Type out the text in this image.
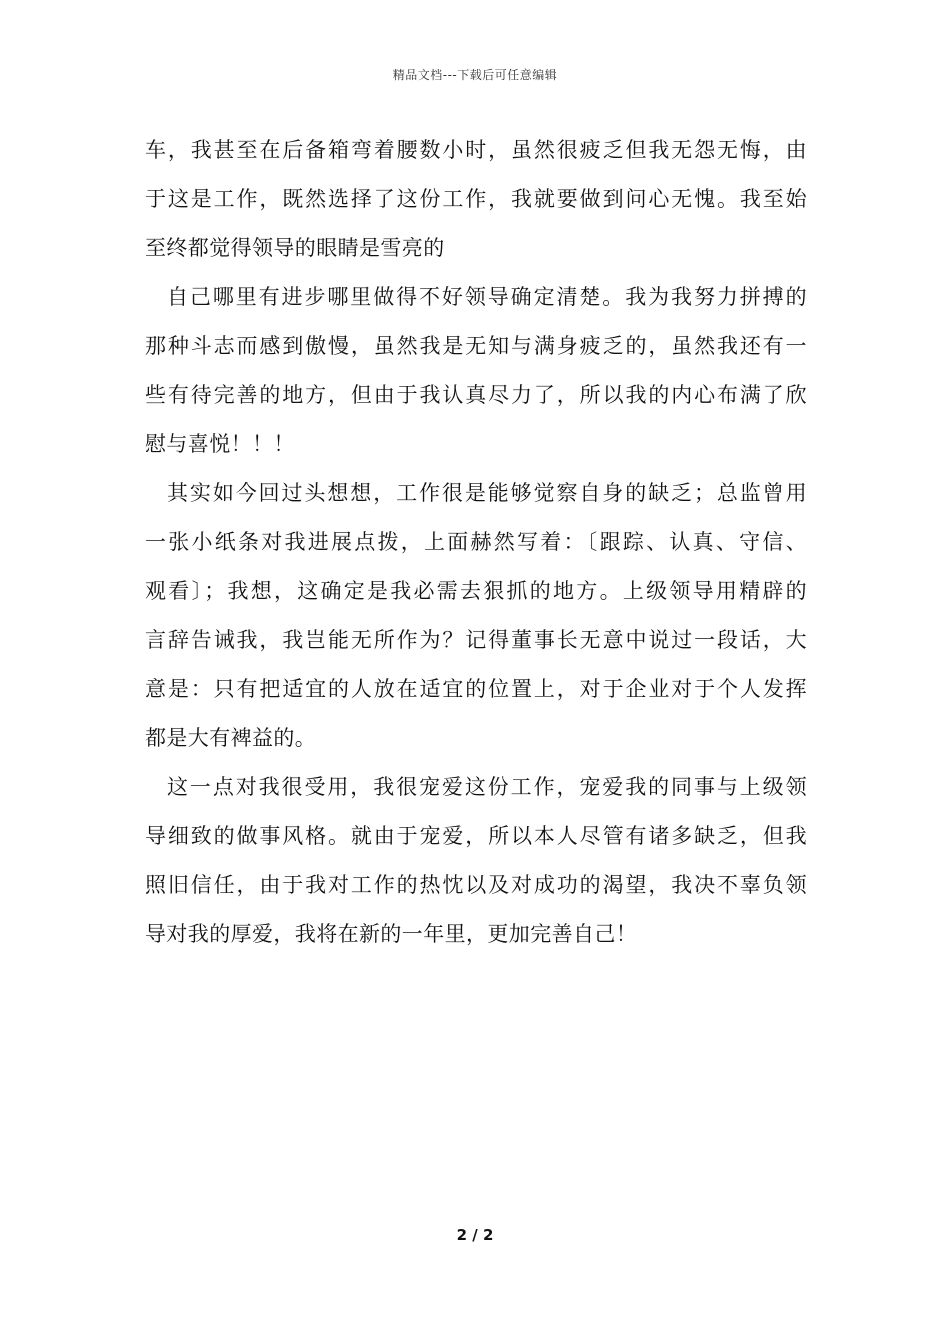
精品文档---下载后可任意编辑
车，我甚至在后备箱弯着腰数小时，虽然很疲乏但我无怨无悔，由
于这是工作，既然选择了这份工作，我就要做到问心无愧。我至始
至终都觉得领导的眼睛是雪亮的
自己哪里有进步哪里做得不好领导确定清楚。我为我努力拼搏的
那种斗志而感到傲慢，虽然我是无知与满身疲乏的，虽然我还有一
些有待完善的地方，但由于我认真尽力了，所以我的内心布满了欣
慰与喜悦！！！
其实如今回过头想想，工作很是能够觉察自身的缺乏；总监曾用
一张小纸条对我进展点拨，上面赫然写着：〔跟踪、认真、守信、
观看〕；我想，这确定是我必需去狠抓的地方。上级领导用精辟的
言辞告诫我，我岂能无所作为？记得董事长无意中说过一段话，大
意是：只有把适宜的人放在适宜的位置上，对于企业对于个人发挥
都是大有裨益的。
这一点对我很受用，我很宠爱这份工作，宠爱我的同事与上级领
导细致的做事风格。就由于宠爱，所以本人尽管有诸多缺乏，但我
照旧信任，由于我对工作的热忱以及对成功的渴望，我决不辜负领
导对我的厚爱，我将在新的一年里，更加完善自己！
2 / 2
